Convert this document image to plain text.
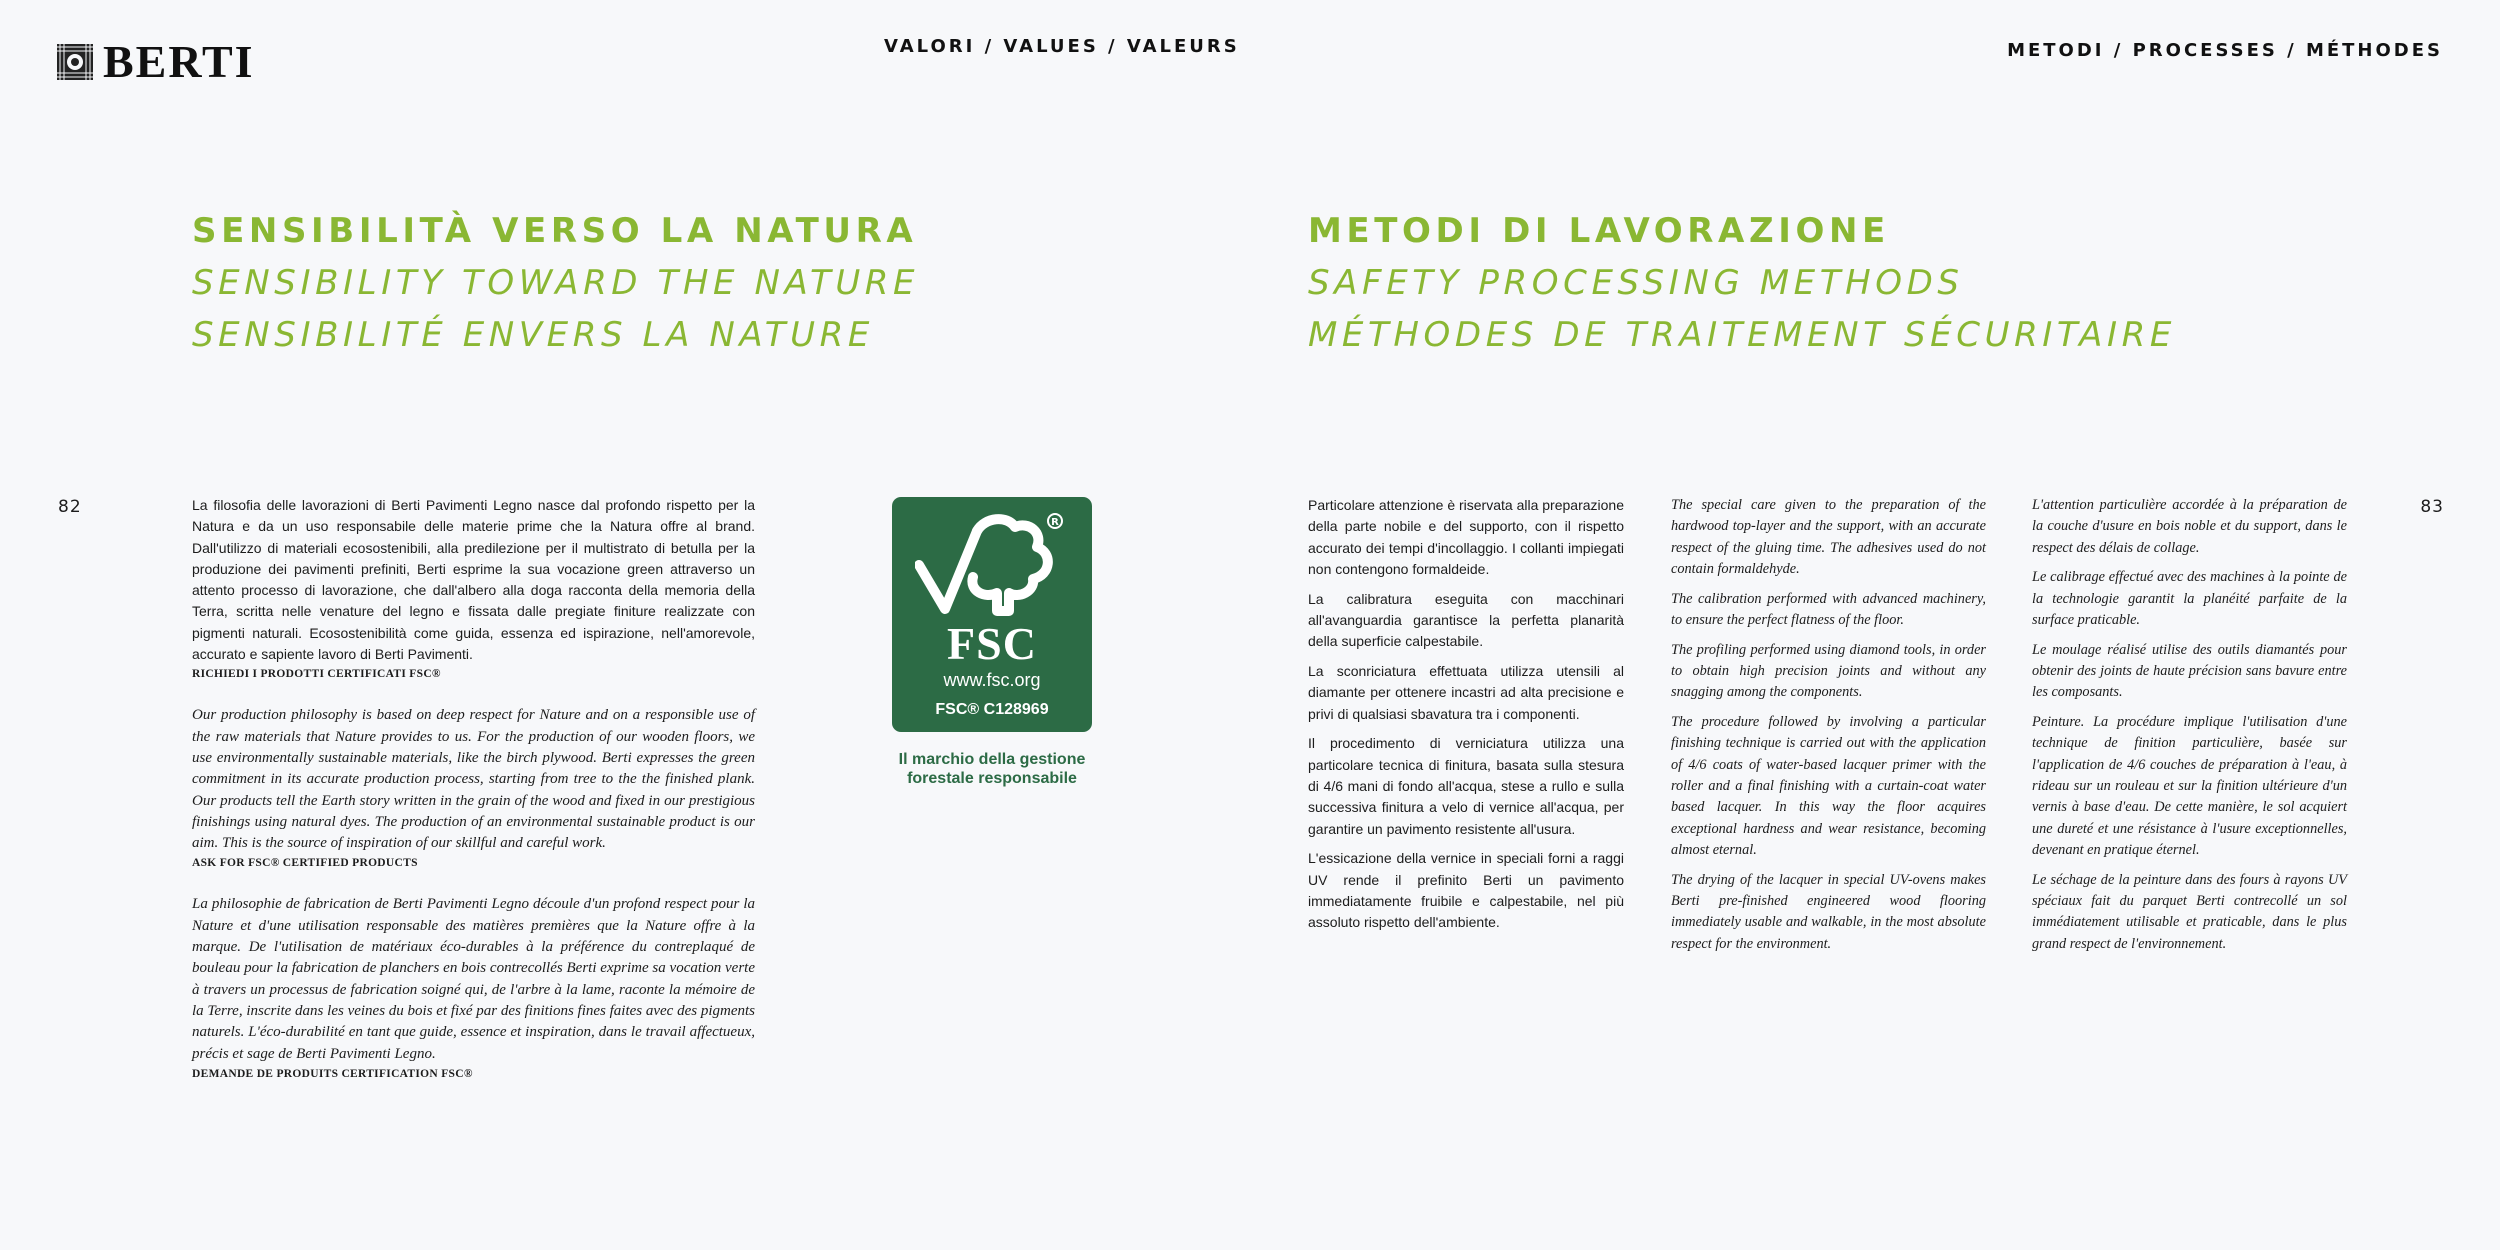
BERTI	VALORI / VALUES / VALEURS	METODI / PROCESSES / MÉTHODES
SENSIBILITÀ VERSO LA NATURA
SENSIBILITY TOWARD THE NATURE
SENSIBILITÉ ENVERS LA NATURE
METODI DI LAVORAZIONE
SAFETY PROCESSING METHODS
MÉTHODES DE TRAITEMENT SÉCURITAIRE
82	83

La filosofia delle lavorazioni di Berti Pavimenti Legno nasce dal profondo rispetto per la Natura e da un uso responsabile delle materie prime che la Natura offre al brand. Dall'utilizzo di materiali ecosostenibili, alla predilezione per il multistrato di betulla per la produzione dei pavimenti prefiniti, Berti esprime la sua vocazione green attraverso un attento processo di lavorazione, che dall'albero alla doga racconta della memoria della Terra, scritta nelle venature del legno e fissata dalle pregiate finiture realizzate con pigmenti naturali. Ecosostenibilità come guida, essenza ed ispirazione, nell'amorevole, accurato e sapiente lavoro di Berti Pavimenti.

RICHIEDI I PRODOTTI CERTIFICATI FSC®

Our production philosophy is based on deep respect for Nature and on a responsible use of the raw materials that Nature provides to us. For the production of our wooden floors, we use environmentally sustainable materials, like the birch plywood. Berti expresses the green commitment in its accurate production process, starting from tree to the the finished plank. Our products tell the Earth story written in the grain of the wood and fixed in our prestigious finishings using natural dyes. The production of an environmental sustainable product is our aim. This is the source of inspiration of our skillful and careful work.

ASK FOR FSC® CERTIFIED PRODUCTS

La philosophie de fabrication de Berti Pavimenti Legno découle d'un profond respect pour la Nature et d'une utilisation responsable des matières premières que la Nature offre à la marque. De l'utilisation de matériaux éco-durables à la préférence du contreplaqué de bouleau pour la fabrication de planchers en bois contrecollés Berti exprime sa vocation verte à travers un processus de fabrication soigné qui, de l'arbre à la lame, raconte la mémoire de la Terre, inscrite dans les veines du bois et fixé par des finitions fines faites avec des pigments naturels. L'éco-durabilité en tant que guide, essence et inspiration, dans le travail affectueux, précis et sage de Berti Pavimenti Legno.

DEMANDE DE PRODUITS CERTIFICATION FSC®

R
FSC
www.fsc.org
FSC® C128969
Il marchio della gestione forestale responsabile

Particolare attenzione è riservata alla preparazione della parte nobile e del supporto, con il rispetto accurato dei tempi d'incollaggio. I collanti impiegati non contengono formaldeide.

La calibratura eseguita con macchinari all'avanguardia garantisce la perfetta planarità della superficie calpestabile.

La sconriciatura effettuata utilizza utensili al diamante per ottenere incastri ad alta precisione e privi di qualsiasi sbavatura tra i componenti.

Il procedimento di verniciatura utilizza una particolare tecnica di finitura, basata sulla stesura di 4/6 mani di fondo all'acqua, stese a rullo e sulla successiva finitura a velo di vernice all'acqua, per garantire un pavimento resistente all'usura.

L'essicazione della vernice in speciali forni a raggi UV rende il prefinito Berti un pavimento immediatamente fruibile e calpestabile, nel più assoluto rispetto dell'ambiente.

The special care given to the preparation of the hardwood top-layer and the support, with an accurate respect of the gluing time. The adhesives used do not contain formaldehyde.

The calibration performed with advanced machinery, to ensure the perfect flatness of the floor.

The profiling performed using diamond tools, in order to obtain high precision joints and without any snagging among the components.

The procedure followed by involving a particular finishing technique is carried out with the application of 4/6 coats of water-based lacquer primer with the roller and a final finishing with a curtain-coat water based lacquer. In this way the floor acquires exceptional hardness and wear resistance, becoming almost eternal.

The drying of the lacquer in special UV-ovens makes Berti pre-finished engineered wood flooring immediately usable and walkable, in the most absolute respect for the environment.

L'attention particulière accordée à la préparation de la couche d'usure en bois noble et du support, dans le respect des délais de collage.

Le calibrage effectué avec des machines à la pointe de la technologie garantit la planéité parfaite de la surface praticable.

Le moulage réalisé utilise des outils diamantés pour obtenir des joints de haute précision sans bavure entre les composants.

Peinture. La procédure implique l'utilisation d'une technique de finition particulière, basée sur l'application de 4/6 couches de préparation à l'eau, à rideau sur un rouleau et sur la finition ultérieure d'un vernis à base d'eau. De cette manière, le sol acquiert une dureté et une résistance à l'usure exceptionnelles, devenant en pratique éternel.

Le séchage de la peinture dans des fours à rayons UV spéciaux fait du parquet Berti contrecollé un sol immédiatement utilisable et praticable, dans le plus grand respect de l'environnement.
